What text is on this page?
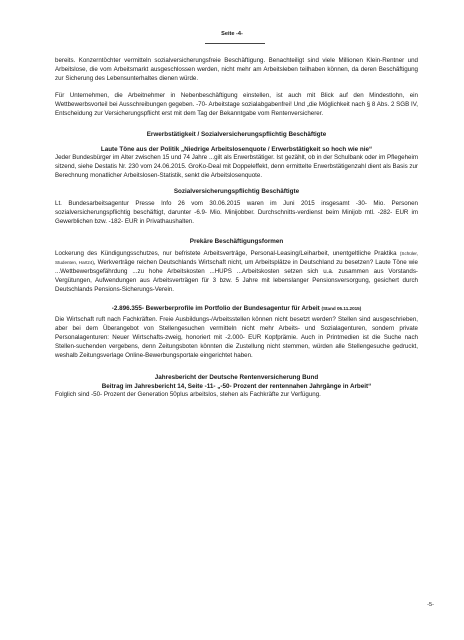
Seite -4-

bereits. Konzerntöchter vermitteln sozialversicherungsfreie Beschäftigung. Benachteiligt sind viele Millionen Klein-Rentner und Arbeitslose, die vom Arbeitsmarkt ausgeschlossen werden, nicht mehr am Arbeitsleben teilhaben können, da deren Beschäftigung zur Sicherung des Lebensunterhaltes dienen würde.

Für Unternehmen, die Arbeitnehmer in Nebenbeschäftigung einstellen, ist auch mit Blick auf den Mindestlohn, ein Wettbewerbsvorteil bei Ausschreibungen gegeben. -70- Arbeitstage sozialabgabenfrei! Und „die Möglichkeit nach § 8 Abs. 2 SGB IV, Entscheidung zur Versicherungspflicht erst mit dem Tag der Bekanntgabe vom Rentenversicherer.

Erwerbstätigkeit / Sozialversicherungspflichtig Beschäftigte

Laute Töne aus der Politik „Niedrige Arbeitslosenquote / Erwerbstätigkeit so hoch wie nie“

Jeder Bundesbürger im Alter zwischen 15 und 74 Jahre ...gilt als Erwerbstätiger. Ist gezählt, ob in der Schulbank oder im Pflegeheim sitzend, siehe Destatis Nr. 230 vom 24.06.2015. GroKo-Deal mit Doppeleffekt, denn ermittelte Erwerbstätigenzahl dient als Basis zur Berechnung monatlicher Arbeitslosen-Statistik, senkt die Arbeitslosenquote.

Sozialversicherungspflichtig Beschäftigte

Lt. Bundesarbeitsagentur Presse Info 26 vom 30.06.2015 waren im Juni 2015 insgesamt -30- Mio. Personen sozialversicherungspflichtig beschäftigt, darunter -6.9- Mio. Minijobber. Durchschnitts-verdienst beim Minijob mtl. -282- EUR im Gewerblichen bzw. -182- EUR in Privathaushalten.

Prekäre Beschäftigungsformen

Lockerung des Kündigungsschutzes, nur befristete Arbeitsverträge, Personal-Leasing/Leiharbeit, unentgeltliche Praktika (Schüler, Studenten, Hartz4), Werkverträge reichen Deutschlands Wirtschaft nicht, um Arbeitsplätze in Deutschland zu besetzen? Laute Töne wie ...Wettbewerbsgefährdung ...zu hohe Arbeitskosten ...HUPS ...Arbeitskosten setzen sich u.a. zusammen aus Vorstands-Vergütungen, Aufwendungen aus Arbeitsverträgen für 3 bzw. 5 Jahre mit lebenslanger Pensionsversorgung, gesichert durch Deutschlands Pensions-Sicherungs-Verein.

-2.896.355- Bewerberprofile im Portfolio der Bundesagentur für Arbeit (Stand 05.11.2015)

Die Wirtschaft ruft nach Fachkräften. Freie Ausbildungs-/Arbeitsstellen können nicht besetzt werden? Stellen sind ausgeschrieben, aber bei dem Überangebot von Stellengesuchen vermitteln nicht mehr Arbeits- und Sozialagenturen, sondern private Personalagenturen: Neuer Wirtschafts-zweig, honoriert mit -2.000- EUR Kopfprämie. Auch in Printmedien ist die Suche nach Stellen-suchenden vergebens, denn Zeitungsboten könnten die Zustellung nicht stemmen, würden alle Stellengesuche gedruckt, weshalb Zeitungsverlage Online-Bewerbungsportale eingerichtet haben.

Jahresbericht der Deutsche Rentenversicherung Bund

Beitrag im Jahresbericht 14, Seite -11- „-50- Prozent der rentennahen Jahrgänge in Arbeit“

Folglich sind -50- Prozent der Generation 50plus arbeitslos, stehen als Fachkräfte zur Verfügung.

-5-
